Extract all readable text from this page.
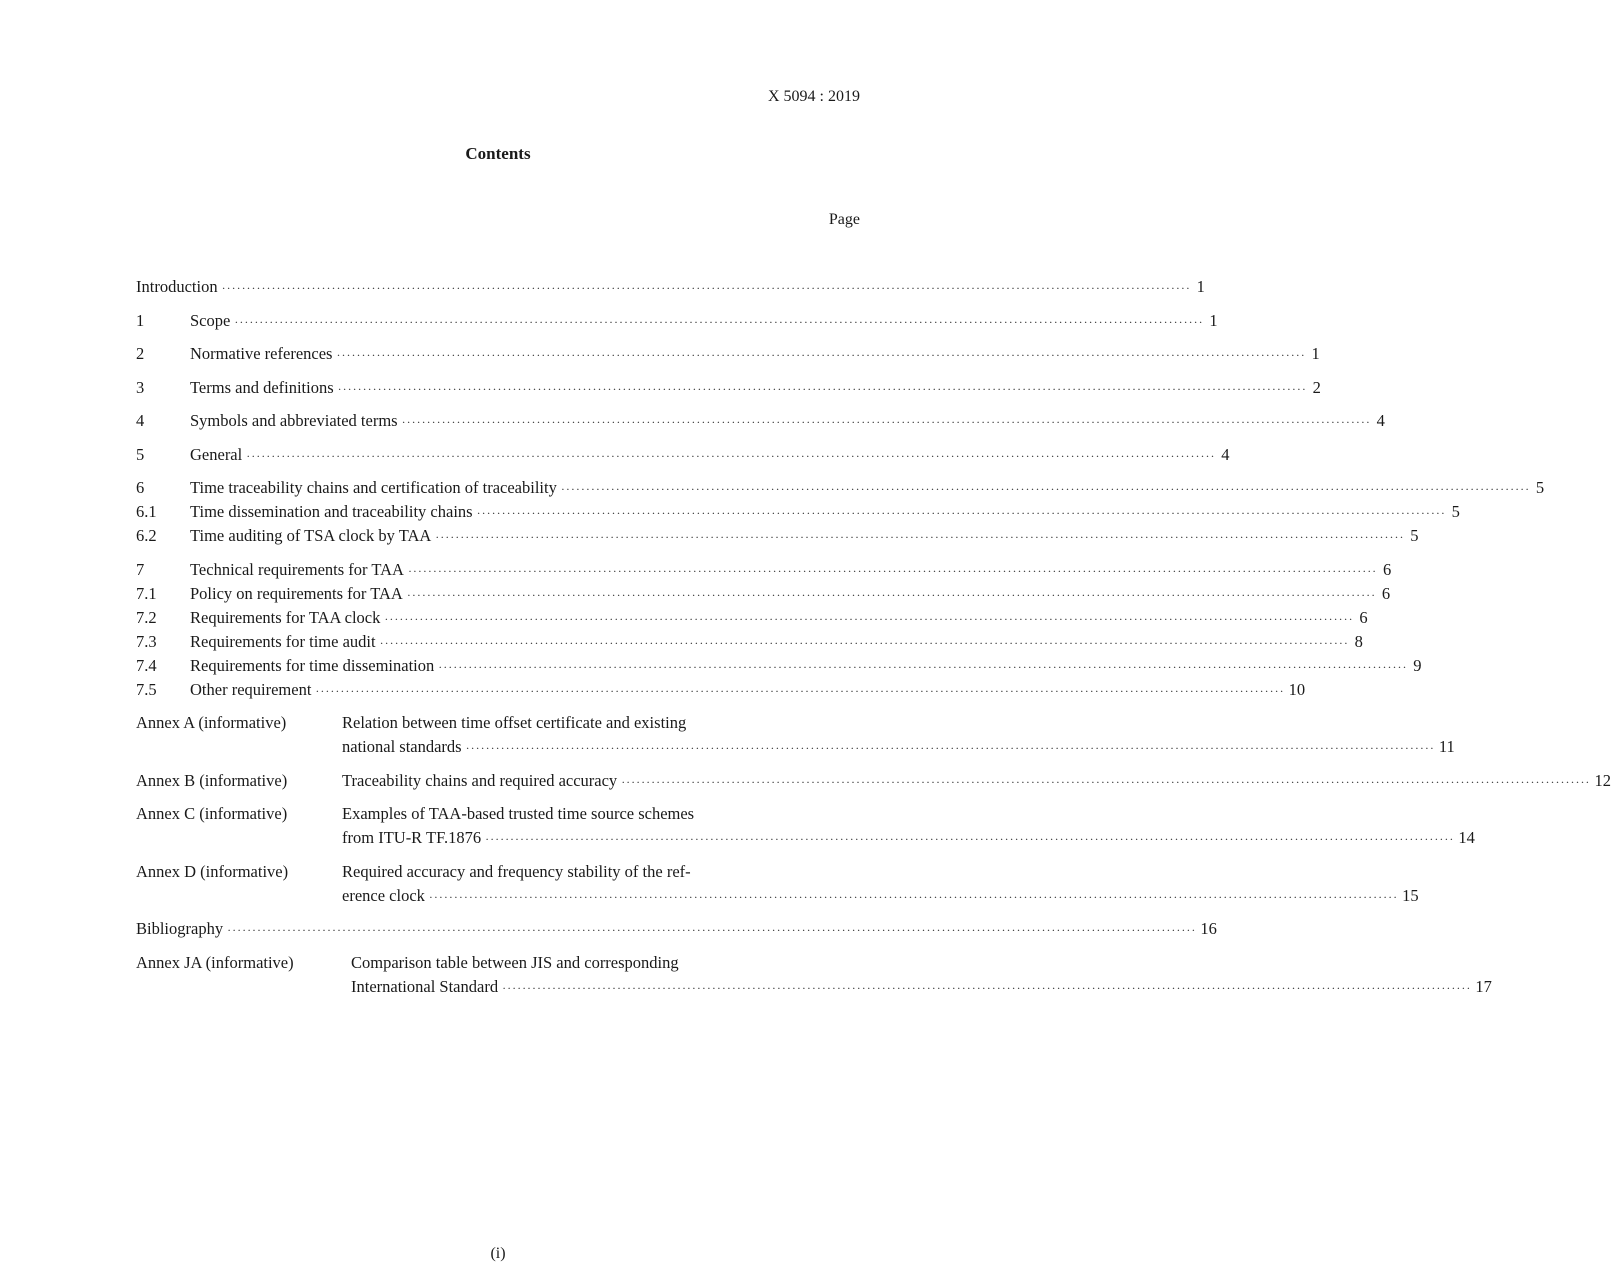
X 5094 : 2019
Contents
Page
Introduction ·····	1
1	Scope ·····	1
2	Normative references ·····	1
3	Terms and definitions ·····	2
4	Symbols and abbreviated terms ·····	4
5	General ·····	4
6	Time traceability chains and certification of traceability ·····	5
6.1	Time dissemination and traceability chains ·····	5
6.2	Time auditing of TSA clock by TAA ·····	5
7	Technical requirements for TAA ·····	6
7.1	Policy on requirements for TAA ·····	6
7.2	Requirements for TAA clock ·····	6
7.3	Requirements for time audit ·····	8
7.4	Requirements for time dissemination ·····	9
7.5	Other requirement ·····	10
Annex A (informative)	Relation between time offset certificate and existing
national standards ·····	11
Annex B (informative)	Traceability chains and required accuracy ·····	12
Annex C (informative)	Examples of TAA-based trusted time source schemes
from ITU-R TF.1876 ·····	14
Annex D (informative)	Required accuracy and frequency stability of the ref-
erence clock ·····	15
Bibliography ·····	16
Annex JA (informative)	Comparison table between JIS and corresponding
International Standard ·····	17
(i)
